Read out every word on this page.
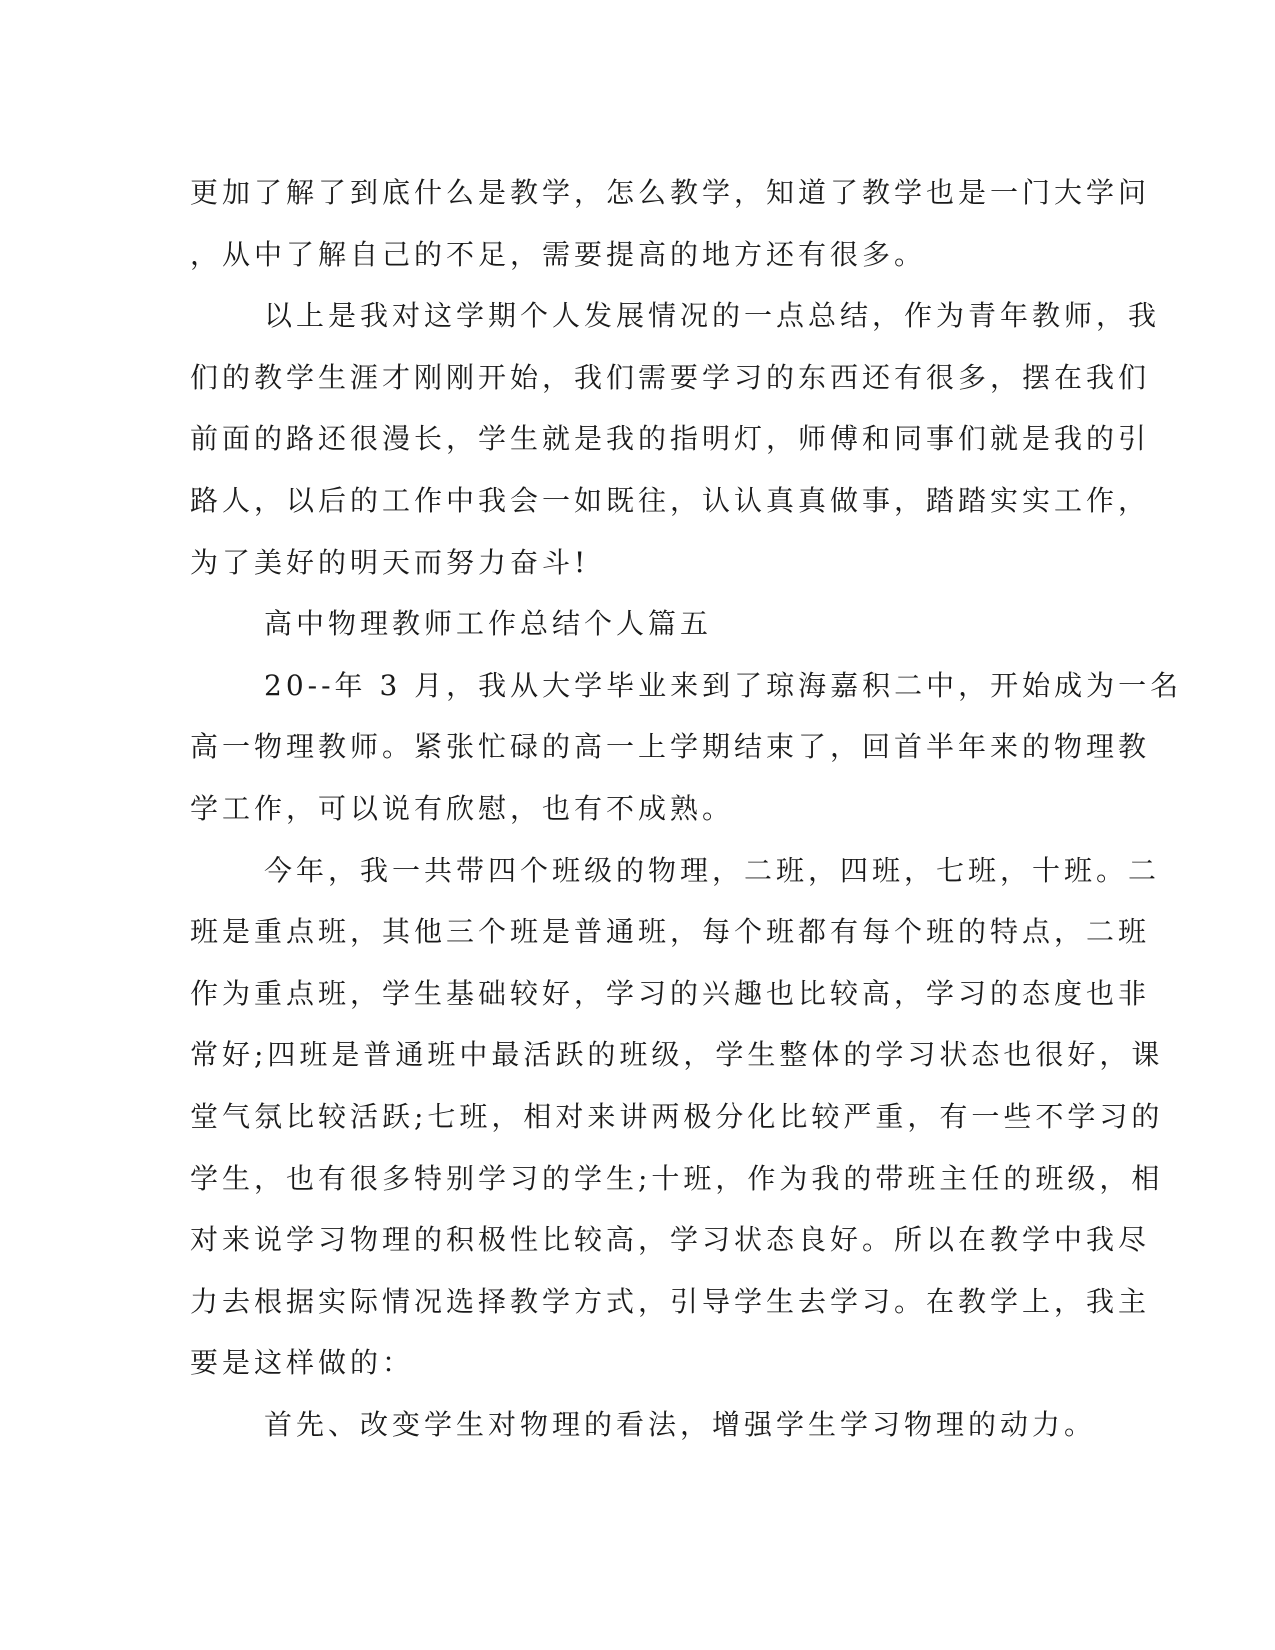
更加了解了到底什么是教学，怎么教学，知道了教学也是一门大学问
，从中了解自己的不足，需要提高的地方还有很多。
以上是我对这学期个人发展情况的一点总结，作为青年教师，我
们的教学生涯才刚刚开始，我们需要学习的东西还有很多，摆在我们
前面的路还很漫长，学生就是我的指明灯，师傅和同事们就是我的引
路人，以后的工作中我会一如既往，认认真真做事，踏踏实实工作，
为了美好的明天而努力奋斗!
高中物理教师工作总结个人篇五
20--年 3 月，我从大学毕业来到了琼海嘉积二中，开始成为一名
高一物理教师。紧张忙碌的高一上学期结束了，回首半年来的物理教
学工作，可以说有欣慰，也有不成熟。
今年，我一共带四个班级的物理，二班，四班，七班，十班。二
班是重点班，其他三个班是普通班，每个班都有每个班的特点，二班
作为重点班，学生基础较好，学习的兴趣也比较高，学习的态度也非
常好;四班是普通班中最活跃的班级，学生整体的学习状态也很好，课
堂气氛比较活跃;七班，相对来讲两极分化比较严重，有一些不学习的
学生，也有很多特别学习的学生;十班，作为我的带班主任的班级，相
对来说学习物理的积极性比较高，学习状态良好。所以在教学中我尽
力去根据实际情况选择教学方式，引导学生去学习。在教学上，我主
要是这样做的：
首先、改变学生对物理的看法，增强学生学习物理的动力。
